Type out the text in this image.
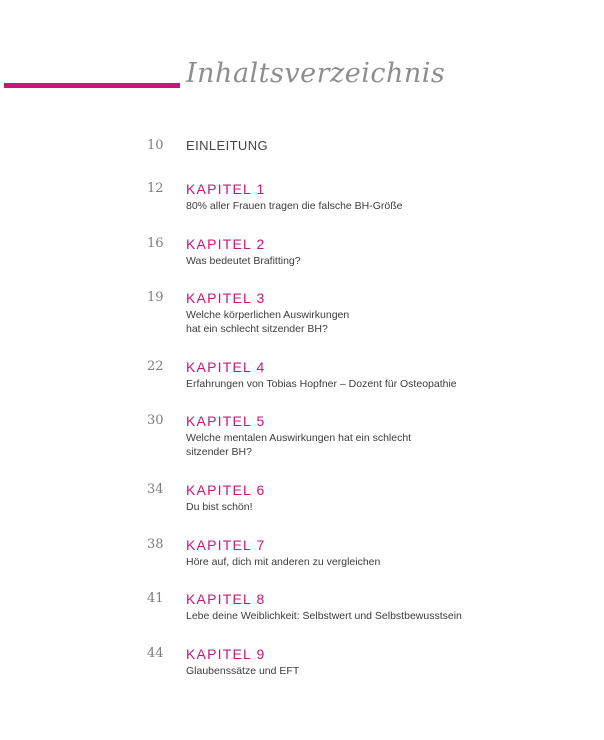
Inhaltsverzeichnis
10 EINLEITUNG
12 KAPITEL 1
80% aller Frauen tragen die falsche BH-Größe
16 KAPITEL 2
Was bedeutet Brafitting?
19 KAPITEL 3
Welche körperlichen Auswirkungen
hat ein schlecht sitzender BH?
22 KAPITEL 4
Erfahrungen von Tobias Hopfner – Dozent für Osteopathie
30 KAPITEL 5
Welche mentalen Auswirkungen hat ein schlecht
sitzender BH?
34 KAPITEL 6
Du bist schön!
38 KAPITEL 7
Höre auf, dich mit anderen zu vergleichen
41 KAPITEL 8
Lebe deine Weiblichkeit: Selbstwert und Selbstbewusstsein
44 KAPITEL 9
Glaubenssätze und EFT
